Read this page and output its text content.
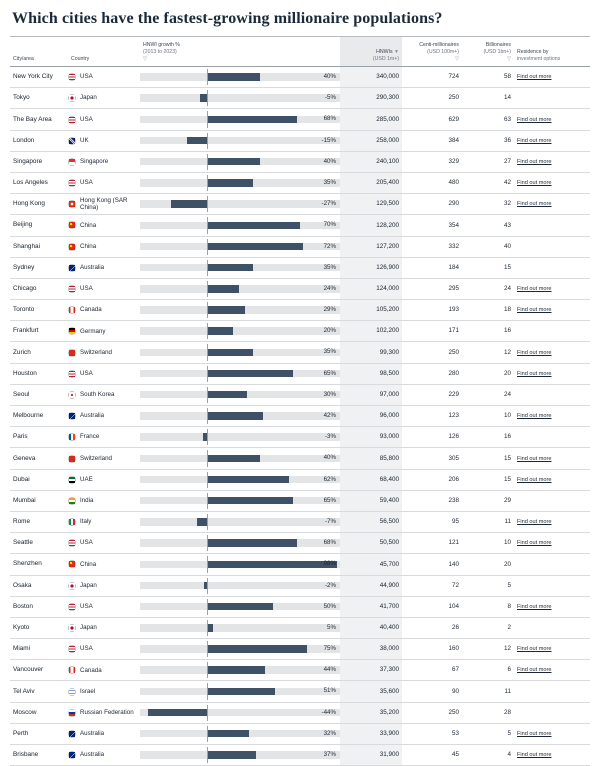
Which cities have the fastest-growing millionaire populations?
City/area	Country	HNWI growth %
(2013 to 2023)
▽	HNWIs ▼
(USD 1m+)	Centi-millionaires
(USD 100m+)
▽	Billionaires
(USD 1bn+)
▽	Residence by
investment options

New York City	USA	40%	340,000	724	58	Find out more
Tokyo	Japan	-5%	290,300	250	14	
The Bay Area	USA	68%	285,000	629	63	Find out more
London	UK	-15%	258,000	384	36	Find out more
Singapore	Singapore	40%	240,100	329	27	Find out more
Los Angeles	USA	35%	205,400	480	42	Find out more
Hong Kong	Hong Kong (SAR China)	-27%	129,500	290	32	Find out more
Beijing	China	70%	128,200	354	43	
Shanghai	China	72%	127,200	332	40	
Sydney	Australia	35%	126,900	184	15	
Chicago	USA	24%	124,000	295	24	Find out more
Toronto	Canada	29%	105,200	193	18	Find out more
Frankfurt	Germany	20%	102,200	171	16	
Zurich	Switzerland	35%	99,300	250	12	Find out more
Houston	USA	65%	98,500	280	20	Find out more
Seoul	South Korea	30%	97,000	229	24	
Melbourne	Australia	42%	96,000	123	10	Find out more
Paris	France	-3%	93,000	126	16	
Geneva	Switzerland	40%	85,800	305	15	Find out more
Dubai	UAE	62%	68,400	206	15	Find out more
Mumbai	India	65%	59,400	238	29	
Rome	Italy	-7%	56,500	95	11	Find out more
Seattle	USA	68%	50,500	121	10	Find out more
Shenzhen	China	98%	45,700	140	20	
Osaka	Japan	-2%	44,900	72	5	
Boston	USA	50%	41,700	104	8	Find out more
Kyoto	Japan	5%	40,400	26	2	
Miami	USA	75%	38,000	160	12	Find out more
Vancouver	Canada	44%	37,300	67	6	Find out more
Tel Aviv	Israel	51%	35,600	90	11	
Moscow	Russian Federation	-44%	35,200	250	28	
Perth	Australia	32%	33,900	53	5	Find out more
Brisbane	Australia	37%	31,900	45	4	Find out more
